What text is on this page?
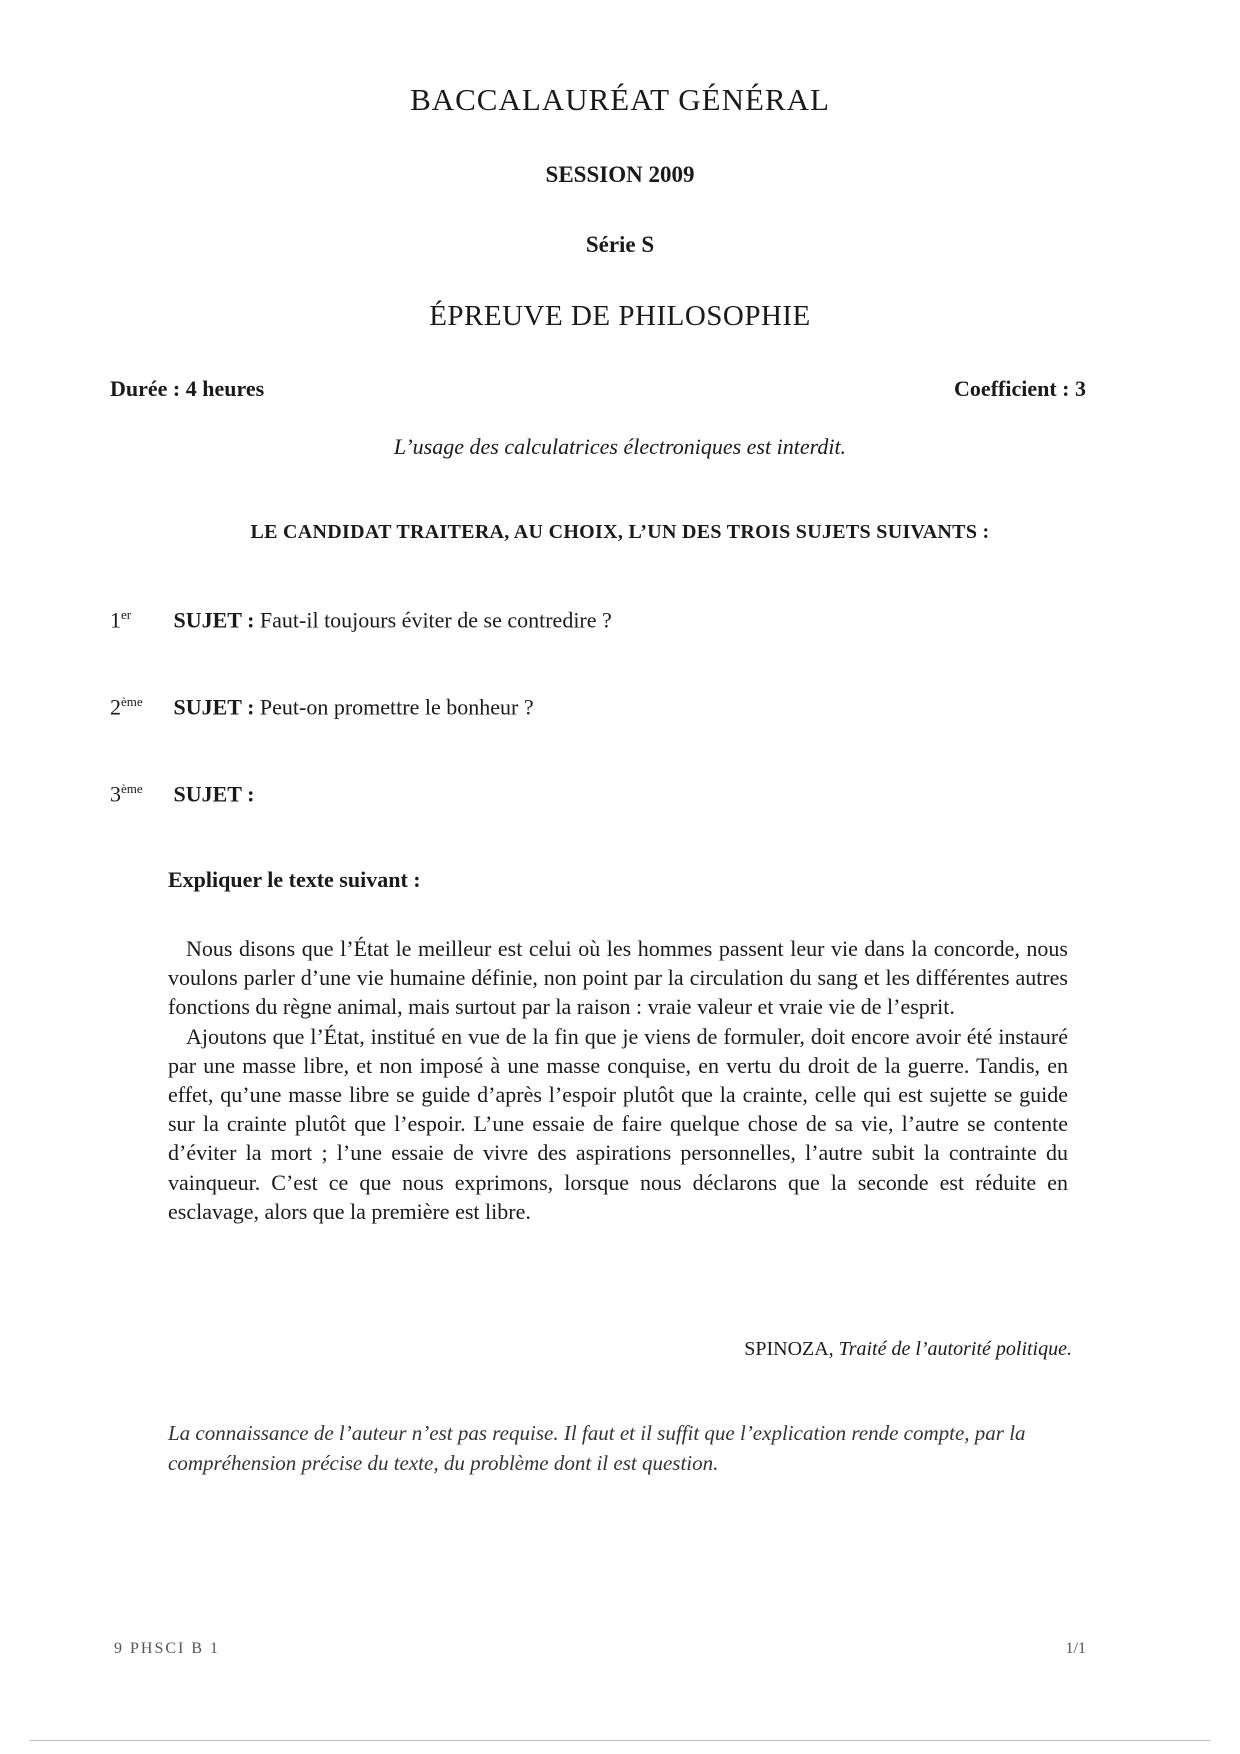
BACCALAURÉAT GÉNÉRAL
SESSION 2009
Série S
ÉPREUVE DE PHILOSOPHIE
Durée : 4 heures	Coefficient : 3
L’usage des calculatrices électroniques est interdit.
LE CANDIDAT TRAITERA, AU CHOIX, L’UN DES TROIS SUJETS SUIVANTS :
1er SUJET : Faut-il toujours éviter de se contredire ?
2ème SUJET : Peut-on promettre le bonheur ?
3ème SUJET :
Expliquer le texte suivant :

Nous disons que l’État le meilleur est celui où les hommes passent leur vie dans la concorde, nous voulons parler d’une vie humaine définie, non point par la circulation du sang et les différentes autres fonctions du règne animal, mais surtout par la raison : vraie valeur et vraie vie de l’esprit.

Ajoutons que l’État, institué en vue de la fin que je viens de formuler, doit encore avoir été instauré par une masse libre, et non imposé à une masse conquise, en vertu du droit de la guerre. Tandis, en effet, qu’une masse libre se guide d’après l’espoir plutôt que la crainte, celle qui est sujette se guide sur la crainte plutôt que l’espoir. L’une essaie de faire quelque chose de sa vie, l’autre se contente d’éviter la mort ; l’une essaie de vivre des aspirations personnelles, l’autre subit la contrainte du vainqueur. C’est ce que nous exprimons, lorsque nous déclarons que la seconde est réduite en esclavage, alors que la première est libre.

SPINOZA, Traité de l’autorité politique.
La connaissance de l’auteur n’est pas requise. Il faut et il suffit que l’explication rende compte, par la compréhension précise du texte, du problème dont il est question.
9 PHSCI B 1	1/1
